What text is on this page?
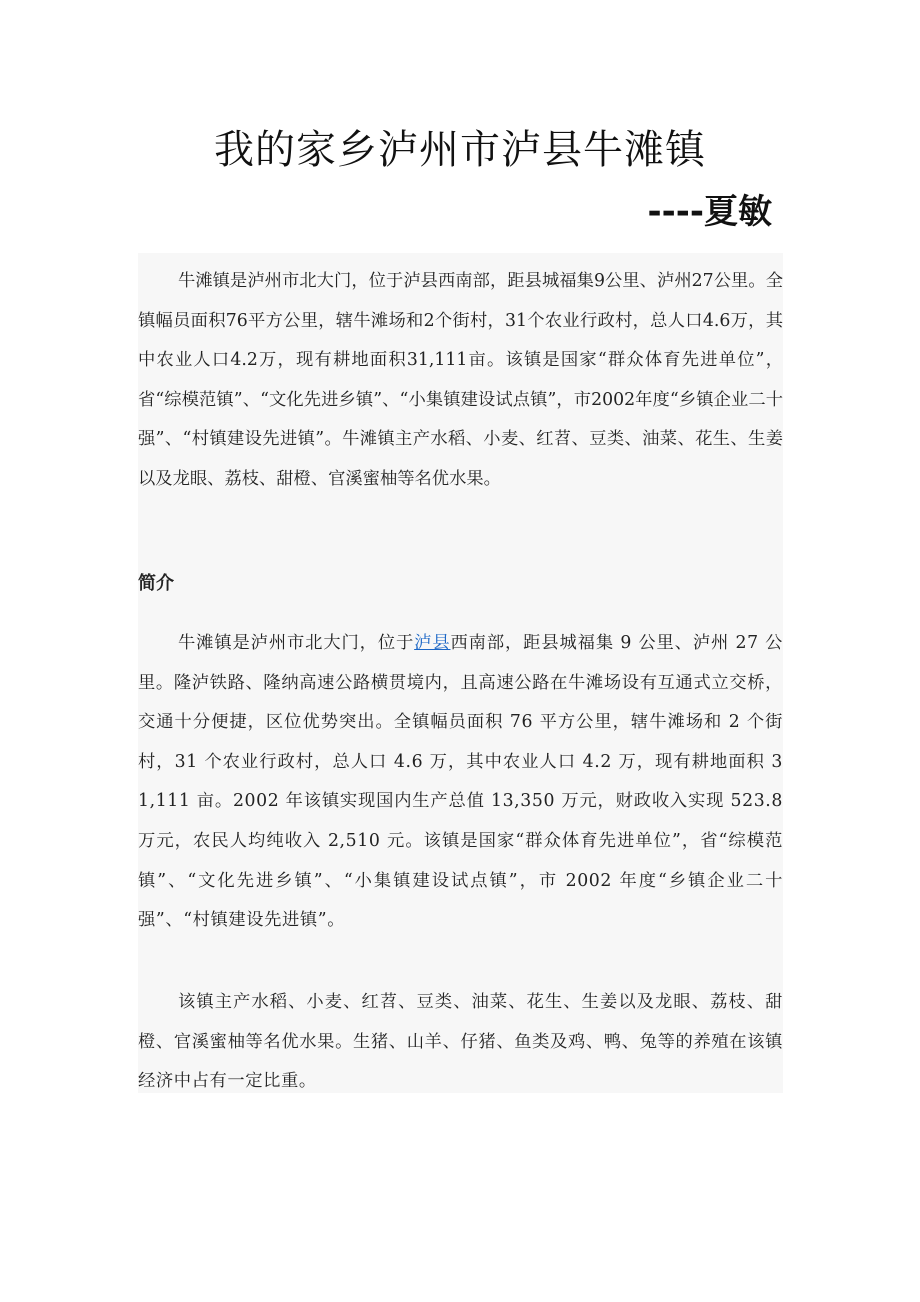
我的家乡泸州市泸县牛滩镇
----夏敏

牛滩镇是泸州市北大门，位于泸县西南部，距县城福集9公里、泸州27公里。全镇幅员面积76平方公里，辖牛滩场和2个街村，31个农业行政村，总人口4.6万，其中农业人口4.2万，现有耕地面积31,111亩。该镇是国家“群众体育先进单位”，省“综模范镇”、“文化先进乡镇”、“小集镇建设试点镇”，市2002年度“乡镇企业二十强”、“村镇建设先进镇”。牛滩镇主产水稻、小麦、红苕、豆类、油菜、花生、生姜以及龙眼、荔枝、甜橙、官溪蜜柚等名优水果。

简介

牛滩镇是泸州市北大门，位于泸县西南部，距县城福集 9 公里、泸州 27 公里。隆泸铁路、隆纳高速公路横贯境内，且高速公路在牛滩场设有互通式立交桥，交通十分便捷，区位优势突出。全镇幅员面积 76 平方公里，辖牛滩场和 2 个街村，31 个农业行政村，总人口 4.6 万，其中农业人口 4.2 万，现有耕地面积 31,111 亩。2002 年该镇实现国内生产总值 13,350 万元，财政收入实现 523.8 万元，农民人均纯收入 2,510 元。该镇是国家“群众体育先进单位”，省“综模范镇”、“文化先进乡镇”、“小集镇建设试点镇”，市 2002 年度“乡镇企业二十强”、“村镇建设先进镇”。

该镇主产水稻、小麦、红苕、豆类、油菜、花生、生姜以及龙眼、荔枝、甜橙、官溪蜜柚等名优水果。生猪、山羊、仔猪、鱼类及鸡、鸭、兔等的养殖在该镇经济中占有一定比重。
